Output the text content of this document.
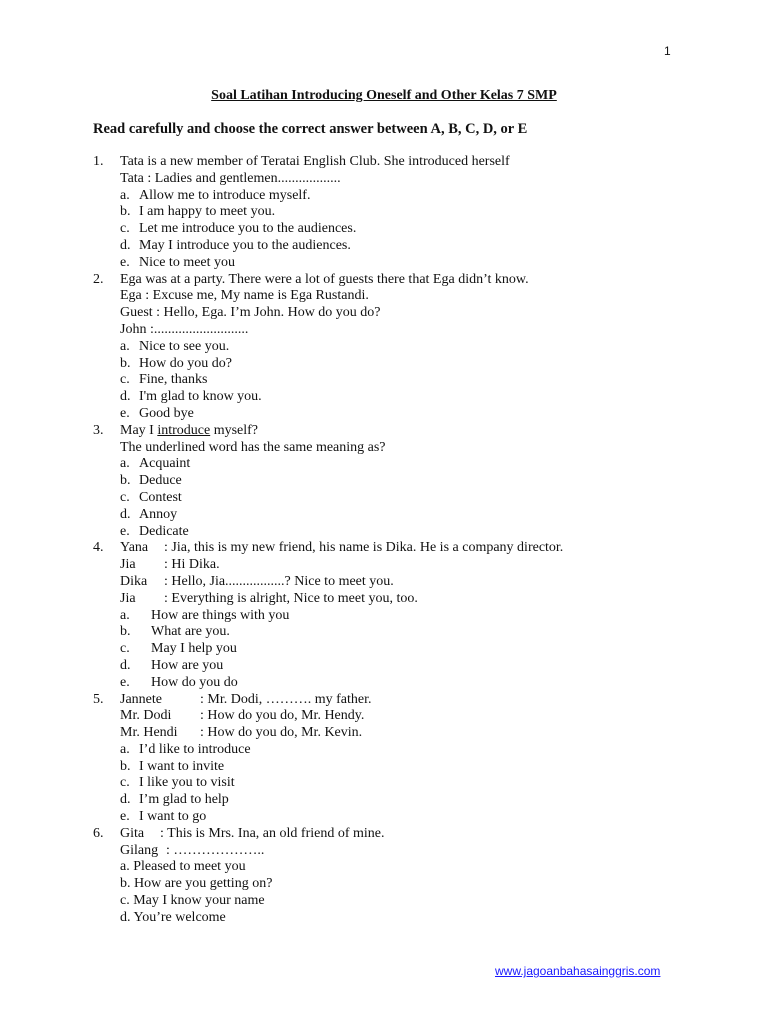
1
Soal Latihan Introducing Oneself and Other Kelas 7 SMP
Read carefully and choose the correct answer between A, B, C, D, or E
1. Tata is a new member of Teratai English Club. She introduced herself
Tata : Ladies and gentlemen..................
a. Allow me to introduce myself.
b. I am happy to meet you.
c. Let me introduce you to the audiences.
d. May I introduce you to the audiences.
e. Nice to meet you
2. Ega was at a party. There were a lot of guests there that Ega didn’t know.
Ega : Excuse me, My name is Ega Rustandi.
Guest : Hello, Ega. I’m John. How do you do?
John :...........................
a. Nice to see you.
b. How do you do?
c. Fine, thanks
d. I'm glad to know you.
e. Good bye
3. May I introduce myself?
The underlined word has the same meaning as?
a. Acquaint
b. Deduce
c. Contest
d. Annoy
e. Dedicate
4. Yana : Jia, this is my new friend, his name is Dika. He is a company director.
Jia : Hi Dika.
Dika : Hello, Jia.................? Nice to meet you.
Jia : Everything is alright, Nice to meet you, too.
a. How are things with you
b. What are you.
c. May I help you
d. How are you
e. How do you do
5. Jannete	: Mr. Dodi, ………. my father.
Mr. Dodi : How do you do, Mr. Hendy.
Mr. Hendi : How do you do, Mr. Kevin.
a. I’d like to introduce
b. I want to invite
c. I like you to visit
d. I’m glad to help
e. I want to go
6. Gita : This is Mrs. Ina, an old friend of mine.
Gilang : ………………..
a. Pleased to meet you
b. How are you getting on?
c. May I know your name
d. You’re welcome
www.jagoanbahasainggris.com
